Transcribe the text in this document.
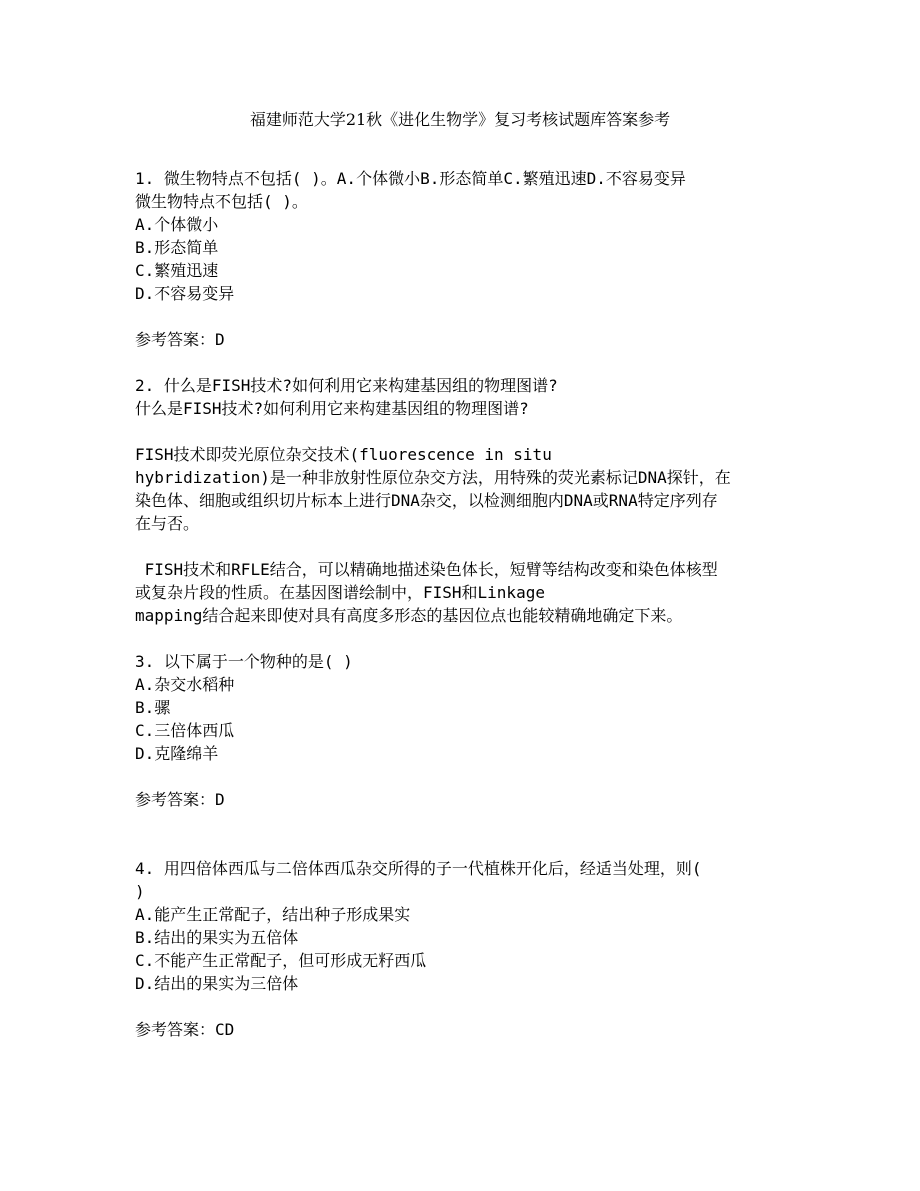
福建师范大学21秋《进化生物学》复习考核试题库答案参考
1. 微生物特点不包括( )。A.个体微小B.形态简单C.繁殖迅速D.不容易变异
微生物特点不包括( )。
A.个体微小
B.形态简单
C.繁殖迅速
D.不容易变异
参考答案：D
2. 什么是FISH技术?如何利用它来构建基因组的物理图谱?
什么是FISH技术?如何利用它来构建基因组的物理图谱?
FISH技术即荧光原位杂交技术(fluorescence in situ
hybridization)是一种非放射性原位杂交方法，用特殊的荧光素标记DNA探针，在
染色体、细胞或组织切片标本上进行DNA杂交，以检测细胞内DNA或RNA特定序列存
在与否。
FISH技术和RFLE结合，可以精确地描述染色体长，短臂等结构改变和染色体核型
或复杂片段的性质。在基因图谱绘制中，FISH和Linkage
mapping结合起来即使对具有高度多形态的基因位点也能较精确地确定下来。
3. 以下属于一个物种的是( )
A.杂交水稻种
B.骡
C.三倍体西瓜
D.克隆绵羊
参考答案：D
4. 用四倍体西瓜与二倍体西瓜杂交所得的子一代植株开化后，经适当处理，则(
)
A.能产生正常配子，结出种子形成果实
B.结出的果实为五倍体
C.不能产生正常配子，但可形成无籽西瓜
D.结出的果实为三倍体
参考答案：CD
